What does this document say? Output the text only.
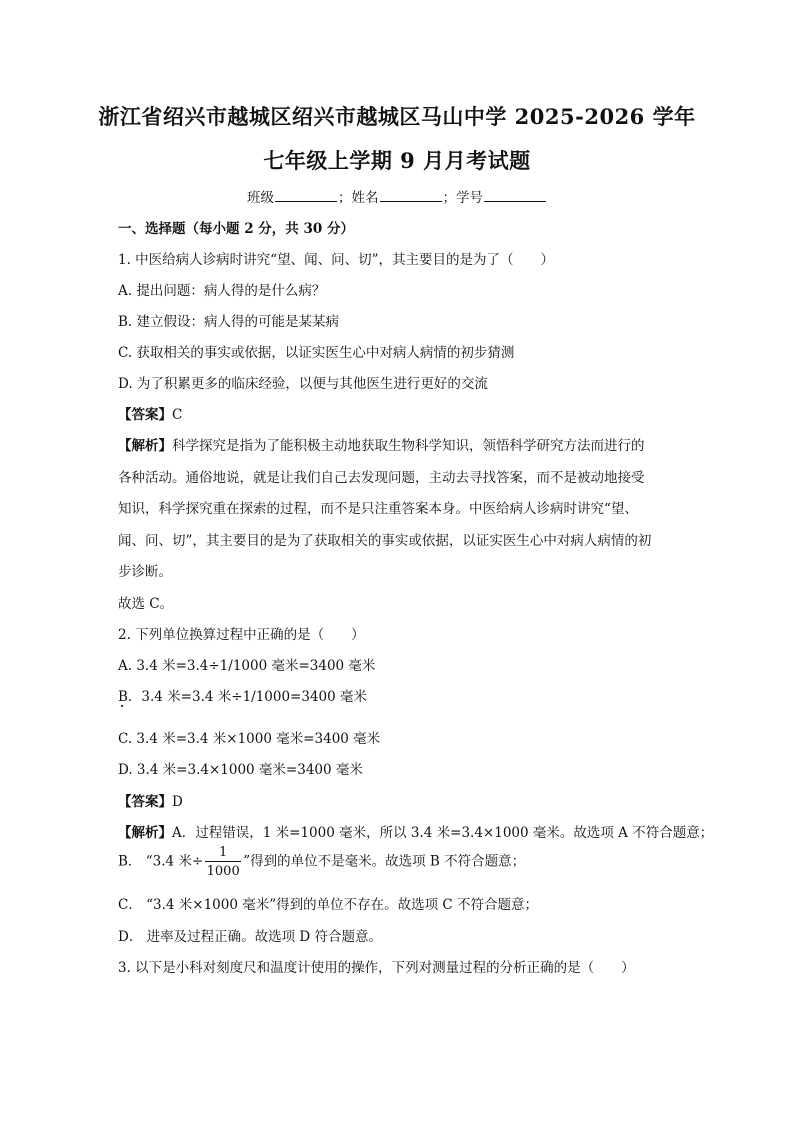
浙江省绍兴市越城区绍兴市越城区马山中学 2025-2026 学年
七年级上学期 9 月月考试题
班级	；姓名	；学号
一、选择题（每小题 2 分，共 30 分）
1. 中医给病人诊病时讲究“望、闻、问、切”，其主要目的是为了（　　）
A. 提出问题：病人得的是什么病？
B. 建立假设：病人得的可能是某某病
C. 获取相关的事实或依据，以证实医生心中对病人病情的初步猜测
D. 为了积累更多的临床经验，以便与其他医生进行更好的交流
【答案】C
【解析】科学探究是指为了能积极主动地获取生物科学知识，领悟科学研究方法而进行的
各种活动。通俗地说，就是让我们自己去发现问题，主动去寻找答案，而不是被动地接受
知识，科学探究重在探索的过程，而不是只注重答案本身。中医给病人诊病时讲究“望、
闻、问、切”，其主要目的是为了获取相关的事实或依据，以证实医生心中对病人病情的初
步诊断。
故选 C。
2. 下列单位换算过程中正确的是（　　）
A. 3.4 米=3.4÷1/1000 毫米=3400 毫米
B．3.4 米=3.4 米÷1/1000=3400 毫米
C. 3.4 米=3.4 米×1000 毫米=3400 毫米
D. 3.4 米=3.4×1000 毫米=3400 毫米
【答案】D
【解析】A．过程错误，1 米=1000 毫米，所以 3.4 米=3.4×1000 毫米。故选项 A 不符合题意；
B． “3.4 米÷ $\frac{1}{1000}$ ”得到的单位不是毫米。故选项 B 不符合题意；
C． “3.4 米×1000 毫米”得到的单位不存在。故选项 C 不符合题意；
D． 进率及过程正确。故选项 D 符合题意。
3. 以下是小科对刻度尺和温度计使用的操作，下列对测量过程的分析正确的是（　　）
